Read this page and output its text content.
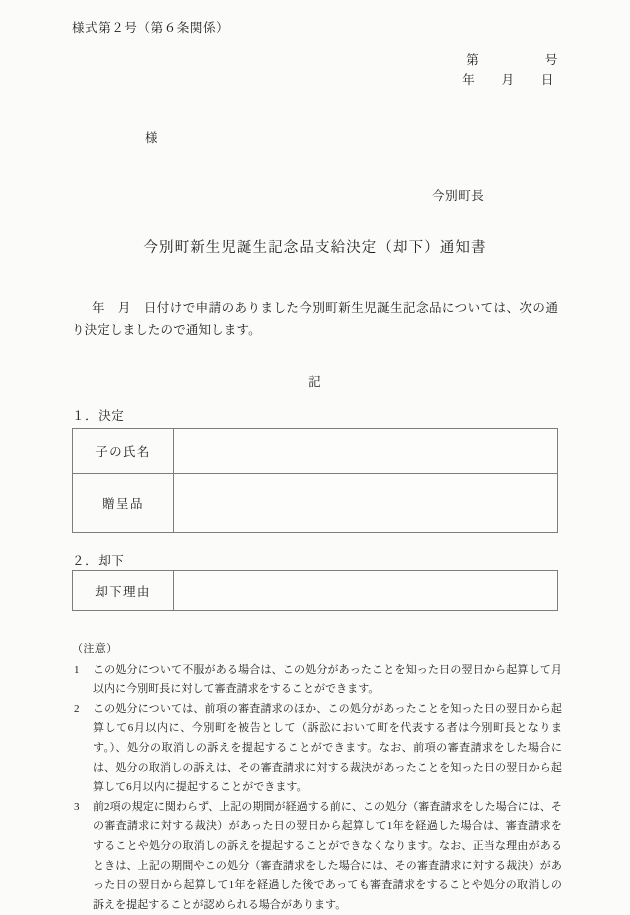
様式第２号（第６条関係）
第　　　　　号
年　　月　　日
様
今別町長
今別町新生児誕生記念品支給決定（却下）通知書
年　月　日付けで申請のありました今別町新生児誕生記念品については、次の通り決定しましたので通知します。
記
１．決定
子の氏名	
贈呈品	
２．却下
却下理由	
（注意）
1 この処分について不服がある場合は、この処分があったことを知った日の翌日から起算して月以内に今別町長に対して審査請求をすることができます。
2 この処分については、前項の審査請求のほか、この処分があったことを知った日の翌日から起算して6月以内に、今別町を被告として（訴訟において町を代表する者は今別町長となります。）、処分の取消しの訴えを提起することができます。なお、前項の審査請求をした場合には、処分の取消しの訴えは、その審査請求に対する裁決があったことを知った日の翌日から起算して6月以内に提起することができます。
3 前2項の規定に関わらず、上記の期間が経過する前に、この処分（審査請求をした場合には、その審査請求に対する裁決）があった日の翌日から起算して1年を経過した場合は、審査請求をすることや処分の取消しの訴えを提起することができなくなります。なお、正当な理由があるときは、上記の期間やこの処分（審査請求をした場合には、その審査請求に対する裁決）があった日の翌日から起算して1年を経過した後であっても審査請求をすることや処分の取消しの訴えを提起することが認められる場合があります。
